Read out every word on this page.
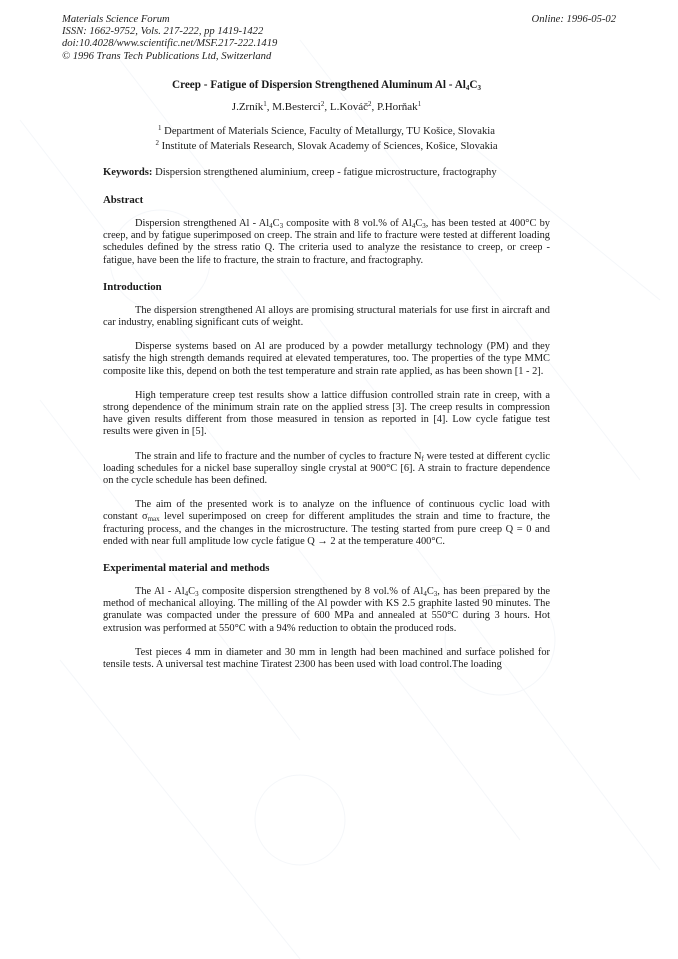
Materials Science Forum
ISSN: 1662-9752, Vols. 217-222, pp 1419-1422
doi:10.4028/www.scientific.net/MSF.217-222.1419
© 1996 Trans Tech Publications Ltd, Switzerland
Online: 1996-05-02
Creep - Fatigue of Dispersion Strengthened Aluminum Al - $Al_4C_3$
J.Zrník$^1$, M.Besterci$^2$, L.Kováč$^2$, P.Horňak$^1$
$^1$ Department of Materials Science, Faculty of Metallurgy, TU Košice, Slovakia
$^2$ Institute of Materials Research, Slovak Academy of Sciences, Košice, Slovakia
Keywords: Dispersion strengthened aluminium, creep - fatigue microstructure, fractography
Abstract

Dispersion strengthened Al - $Al_4C_3$ composite with 8 vol.% of $Al_4C_3$, has been tested at 400°C by creep, and by fatigue superimposed on creep. The strain and life to fracture were tested at different loading schedules defined by the stress ratio Q. The criteria used to analyze the resistance to creep, or creep - fatigue, have been the life to fracture, the strain to fracture, and fractography.

Introduction

The dispersion strengthened Al alloys are promising structural materials for use first in aircraft and car industry, enabling significant cuts of weight.

Disperse systems based on Al are produced by a powder metallurgy technology (PM) and they satisfy the high strength demands required at elevated temperatures, too. The properties of the type MMC composite like this, depend on both the test temperature and strain rate applied, as has been shown [1 - 2].

High temperature creep test results show a lattice diffusion controlled strain rate in creep, with a strong dependence of the minimum strain rate on the applied stress [3]. The creep results in compression have given results different from those measured in tension as reported in [4]. Low cycle fatigue test results were given in [5].

The strain and life to fracture and the number of cycles to fracture $N_f$ were tested at different cyclic loading schedules for a nickel base superalloy single crystal at 900°C [6]. A strain to fracture dependence on the cycle schedule has been defined.

The aim of the presented work is to analyze on the influence of continuous cyclic load with constant $\sigma_{max}$ level superimposed on creep for different amplitudes the strain and time to fracture, the fracturing process, and the changes in the microstructure. The testing started from pure creep Q = 0 and ended with near full amplitude low cycle fatigue Q → 2 at the temperature 400°C.

Experimental material and methods

The Al - $Al_4C_3$ composite dispersion strengthened by 8 vol.% of $Al_4C_3$, has been prepared by the method of mechanical alloying. The milling of the Al powder with KS 2.5 graphite lasted 90 minutes. The granulate was compacted under the pressure of 600 MPa and annealed at 550°C during 3 hours. Hot extrusion was performed at 550°C with a 94% reduction to obtain the produced rods.

Test pieces 4 mm in diameter and 30 mm in length had been machined and surface polished for tensile tests. A universal test machine Tiratest 2300 has been used with load control.The loading
